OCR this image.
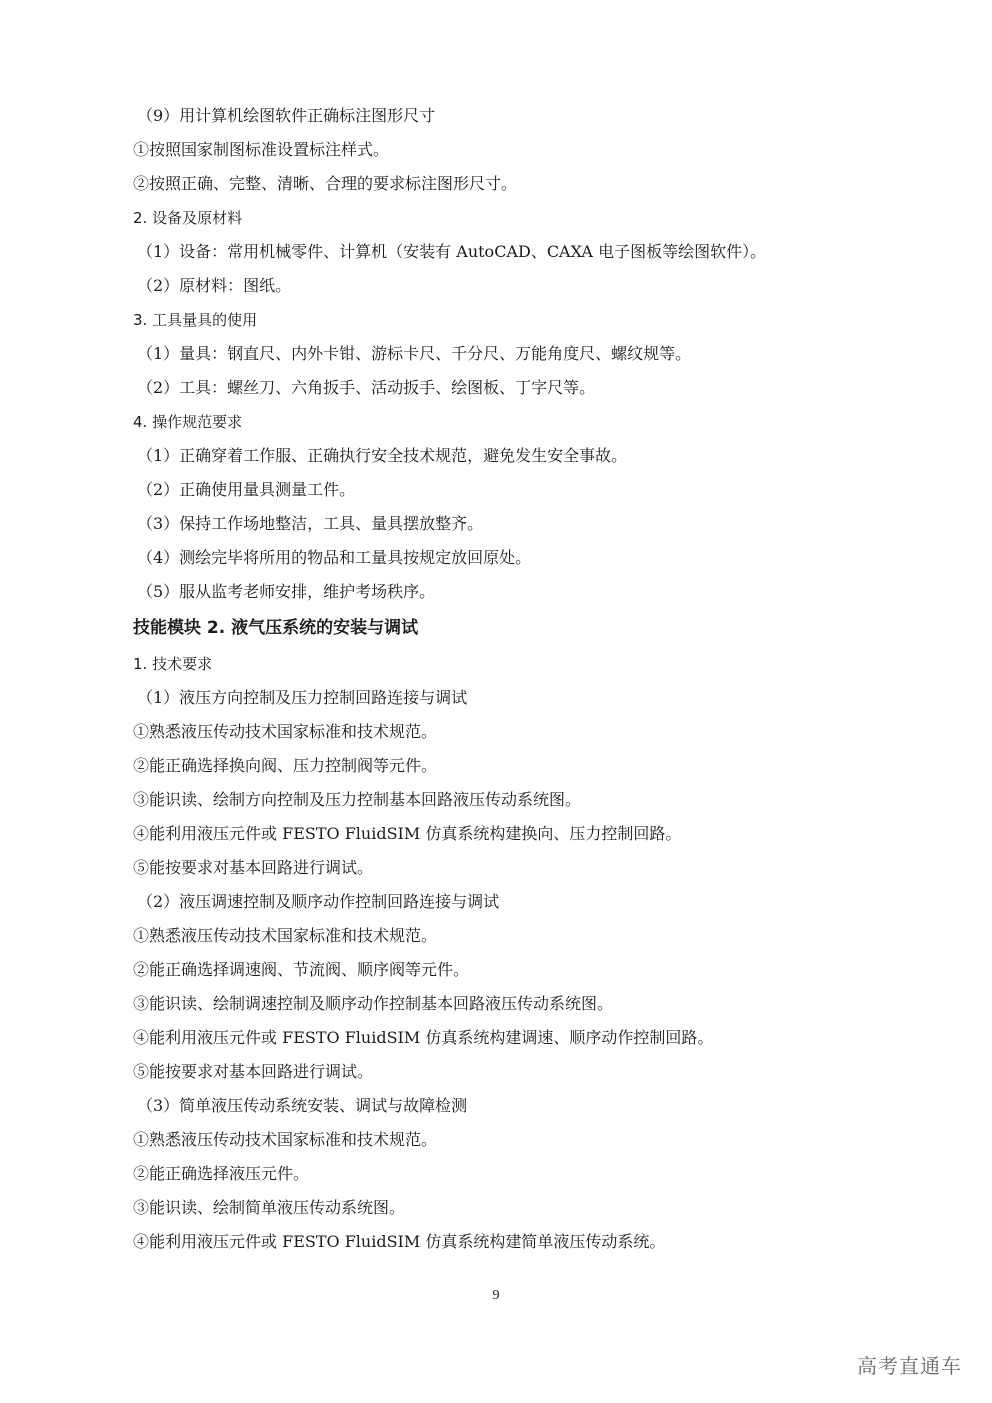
（9）用计算机绘图软件正确标注图形尺寸
①按照国家制图标准设置标注样式。
②按照正确、完整、清晰、合理的要求标注图形尺寸。
2. 设备及原材料
（1）设备：常用机械零件、计算机（安装有 AutoCAD、CAXA 电子图板等绘图软件）。
（2）原材料：图纸。
3. 工具量具的使用
（1）量具：钢直尺、内外卡钳、游标卡尺、千分尺、万能角度尺、螺纹规等。
（2）工具：螺丝刀、六角扳手、活动扳手、绘图板、丁字尺等。
4. 操作规范要求
（1）正确穿着工作服、正确执行安全技术规范，避免发生安全事故。
（2）正确使用量具测量工件。
（3）保持工作场地整洁，工具、量具摆放整齐。
（4）测绘完毕将所用的物品和工量具按规定放回原处。
（5）服从监考老师安排，维护考场秩序。
技能模块 2. 液气压系统的安装与调试
1. 技术要求
（1）液压方向控制及压力控制回路连接与调试
①熟悉液压传动技术国家标准和技术规范。
②能正确选择换向阀、压力控制阀等元件。
③能识读、绘制方向控制及压力控制基本回路液压传动系统图。
④能利用液压元件或 FESTO FluidSIM 仿真系统构建换向、压力控制回路。
⑤能按要求对基本回路进行调试。
（2）液压调速控制及顺序动作控制回路连接与调试
①熟悉液压传动技术国家标准和技术规范。
②能正确选择调速阀、节流阀、顺序阀等元件。
③能识读、绘制调速控制及顺序动作控制基本回路液压传动系统图。
④能利用液压元件或 FESTO FluidSIM 仿真系统构建调速、顺序动作控制回路。
⑤能按要求对基本回路进行调试。
（3）简单液压传动系统安装、调试与故障检测
①熟悉液压传动技术国家标准和技术规范。
②能正确选择液压元件。
③能识读、绘制简单液压传动系统图。
④能利用液压元件或 FESTO FluidSIM 仿真系统构建简单液压传动系统。
9
高考直通车
